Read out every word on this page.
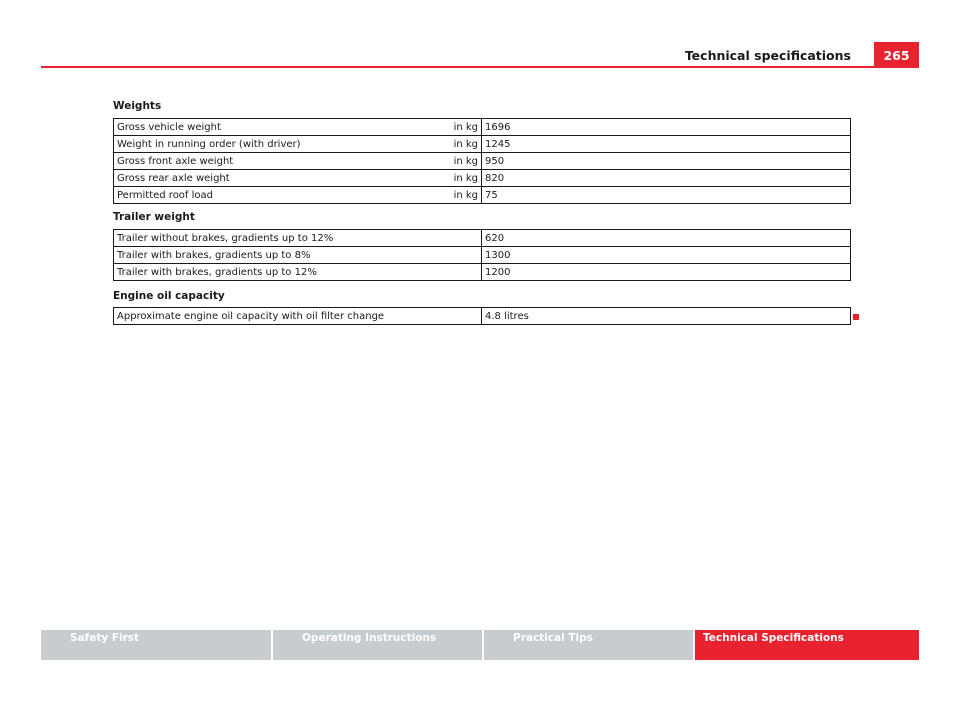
Technical specifications	265
Weights
Gross vehicle weight	in kg	1696
Weight in running order (with driver)	in kg	1245
Gross front axle weight	in kg	950
Gross rear axle weight	in kg	820
Permitted roof load	in kg	75
Trailer weight
Trailer without brakes, gradients up to 12%	620
Trailer with brakes, gradients up to 8%	1300
Trailer with brakes, gradients up to 12%	1200
Engine oil capacity
Approximate engine oil capacity with oil filter change	4.8 litres
Safety First	Operating Instructions	Practical Tips	Technical Specifications
